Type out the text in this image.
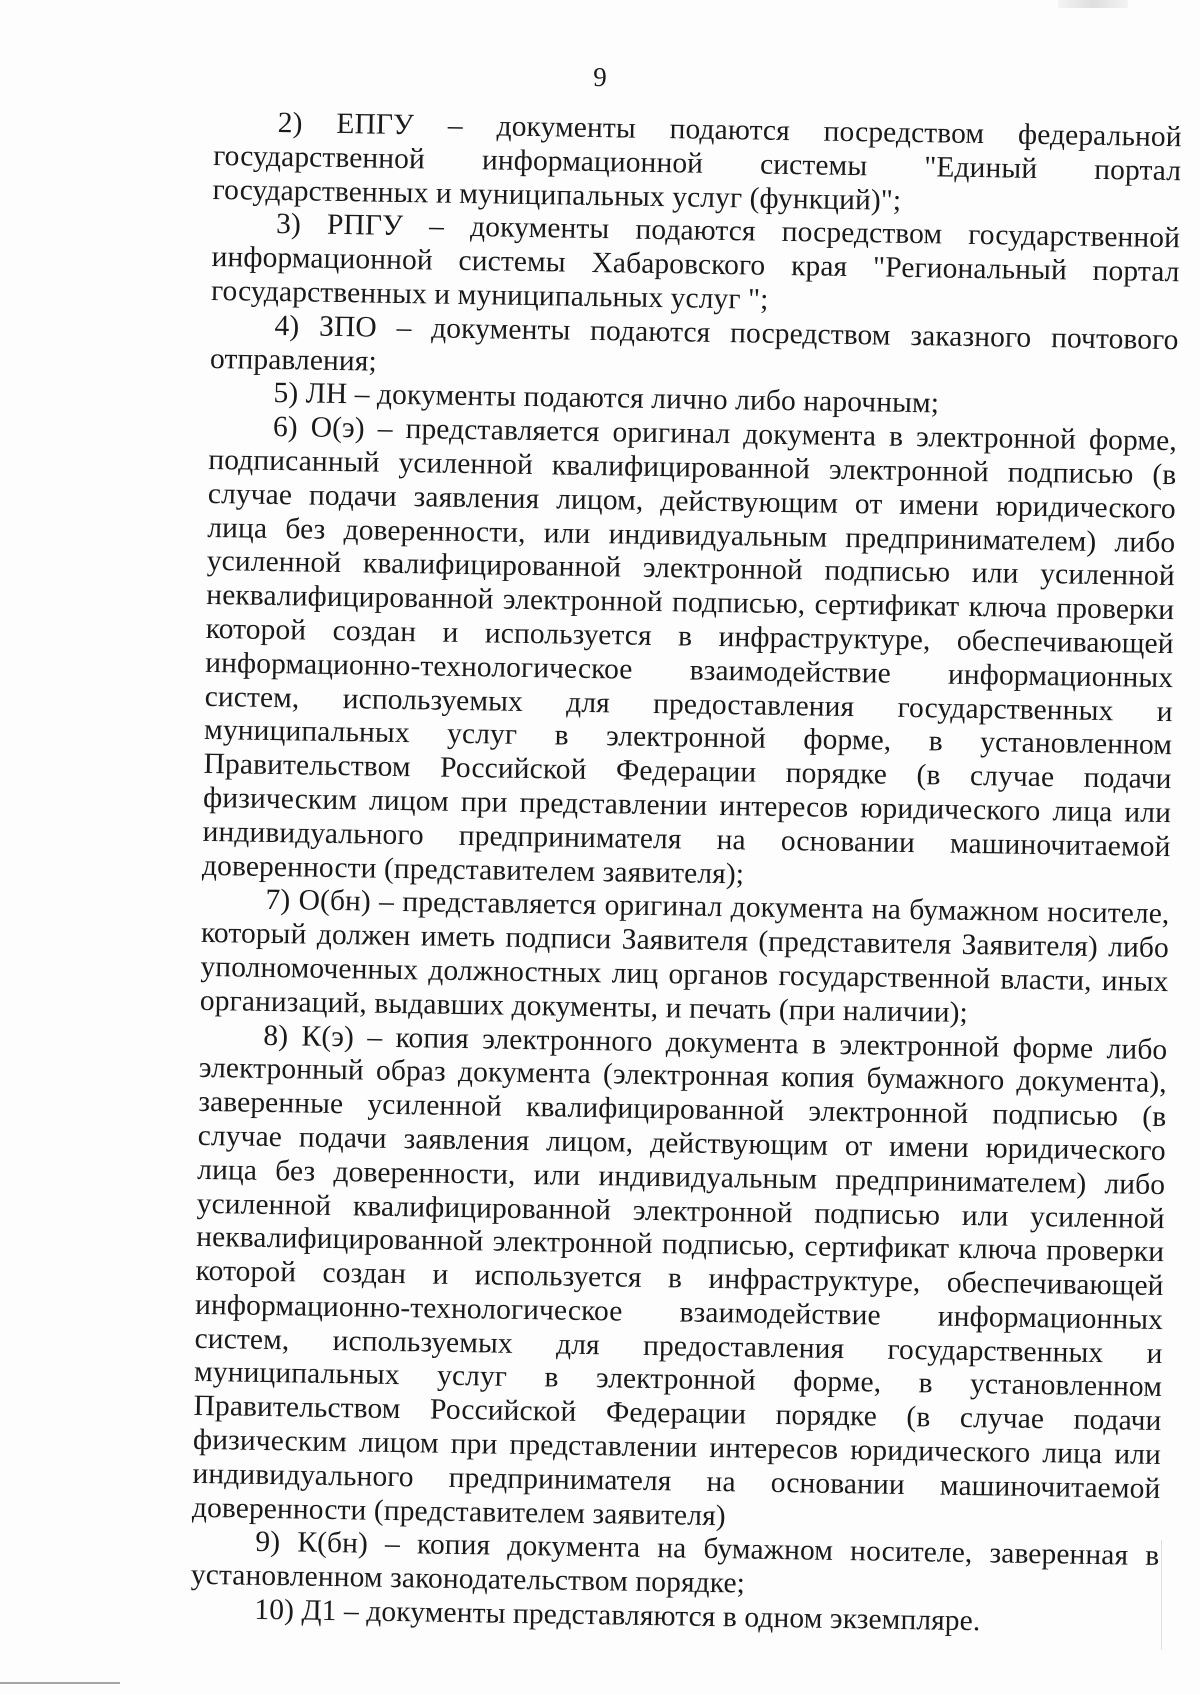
9

2) ЕПГУ – документы подаются посредством федеральной государственной информационной системы "Единый портал государственных и муниципальных услуг (функций)";

3) РПГУ – документы подаются посредством государственной информационной системы Хабаровского края "Региональный портал государственных и муниципальных услуг ";

4) ЗПО – документы подаются посредством заказного почтового отправления;

5) ЛН – документы подаются лично либо нарочным;

6) О(э) – представляется оригинал документа в электронной форме, подписанный усиленной квалифицированной электронной подписью (в случае подачи заявления лицом, действующим от имени юридического лица без доверенности, или индивидуальным предпринимателем) либо усиленной квалифицированной электронной подписью или усиленной неквалифицированной электронной подписью, сертификат ключа проверки которой создан и используется в инфраструктуре, обеспечивающей информационно-технологическое взаимодействие информационных систем, используемых для предоставления государственных и муниципальных услуг в электронной форме, в установленном Правительством Российской Федерации порядке (в случае подачи физическим лицом при представлении интересов юридического лица или индивидуального предпринимателя на основании машиночитаемой доверенности (представителем заявителя);

7) О(бн) – представляется оригинал документа на бумажном носителе, который должен иметь подписи Заявителя (представителя Заявителя) либо уполномоченных должностных лиц органов государственной власти, иных организаций, выдавших документы, и печать (при наличии);

8) К(э) – копия электронного документа в электронной форме либо электронный образ документа (электронная копия бумажного документа), заверенные усиленной квалифицированной электронной подписью (в случае подачи заявления лицом, действующим от имени юридического лица без доверенности, или индивидуальным предпринимателем) либо усиленной квалифицированной электронной подписью или усиленной неквалифицированной электронной подписью, сертификат ключа проверки которой создан и используется в инфраструктуре, обеспечивающей информационно-технологическое взаимодействие информационных систем, используемых для предоставления государственных и муниципальных услуг в электронной форме, в установленном Правительством Российской Федерации порядке (в случае подачи физическим лицом при представлении интересов юридического лица или индивидуального предпринимателя на основании машиночитаемой доверенности (представителем заявителя)

9) К(бн) – копия документа на бумажном носителе, заверенная в установленном законодательством порядке;

10) Д1 – документы представляются в одном экземпляре.
